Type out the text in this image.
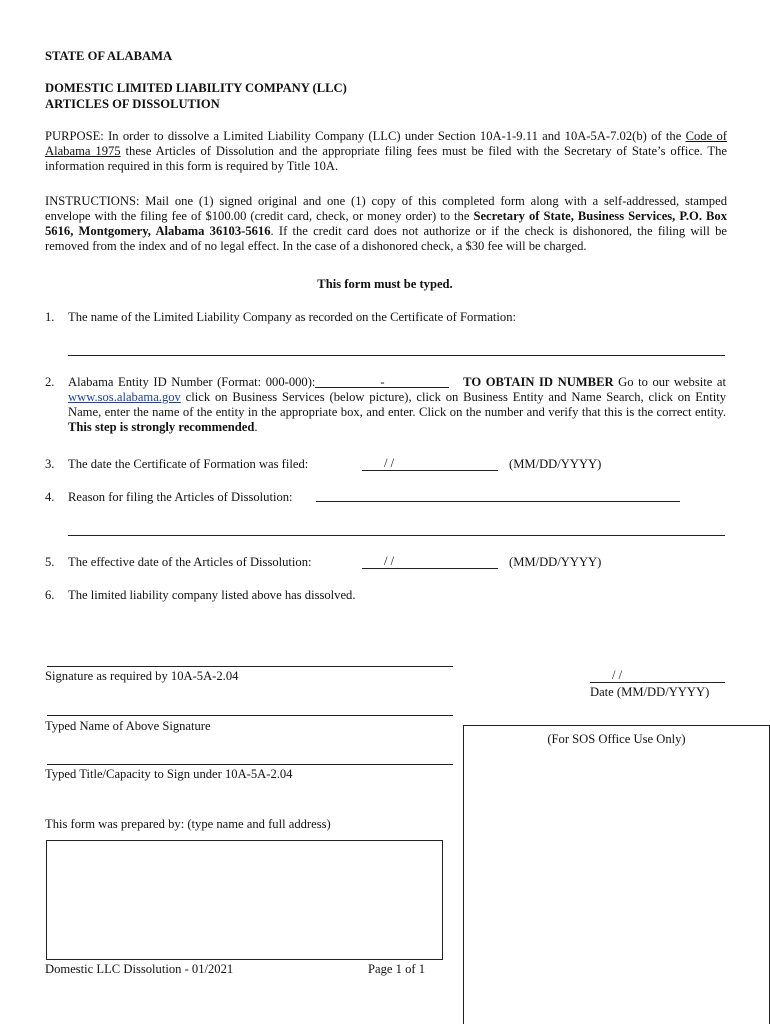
STATE OF ALABAMA
DOMESTIC LIMITED LIABILITY COMPANY (LLC)
ARTICLES OF DISSOLUTION
PURPOSE: In order to dissolve a Limited Liability Company (LLC) under Section 10A-1-9.11 and 10A-5A-7.02(b) of the Code of Alabama 1975 these Articles of Dissolution and the appropriate filing fees must be filed with the Secretary of State’s office. The information required in this form is required by Title 10A.
INSTRUCTIONS: Mail one (1) signed original and one (1) copy of this completed form along with a self-addressed, stamped envelope with the filing fee of $100.00 (credit card, check, or money order) to the Secretary of State, Business Services, P.O. Box 5616, Montgomery, Alabama 36103-5616. If the credit card does not authorize or if the check is dishonored, the filing will be removed from the index and of no legal effect. In the case of a dishonored check, a $30 fee will be charged.
This form must be typed.
1. The name of the Limited Liability Company as recorded on the Certificate of Formation:
2. Alabama Entity ID Number (Format: 000-000):	-	TO OBTAIN ID NUMBER Go to our website at www.sos.alabama.gov click on Business Services (below picture), click on Business Entity and Name Search, click on Entity Name, enter the name of the entity in the appropriate box, and enter. Click on the number and verify that this is the correct entity. This step is strongly recommended.
3. The date the Certificate of Formation was filed:	/ /	(MM/DD/YYYY)
4. Reason for filing the Articles of Dissolution:
5. The effective date of the Articles of Dissolution:	/ /	(MM/DD/YYYY)
6. The limited liability company listed above has dissolved.
Signature as required by 10A-5A-2.04	/ /
Date (MM/DD/YYYY)
Typed Name of Above Signature
Typed Title/Capacity to Sign under 10A-5A-2.04
This form was prepared by: (type name and full address)
(For SOS Office Use Only)
Domestic LLC Dissolution - 01/2021	Page 1 of 1
